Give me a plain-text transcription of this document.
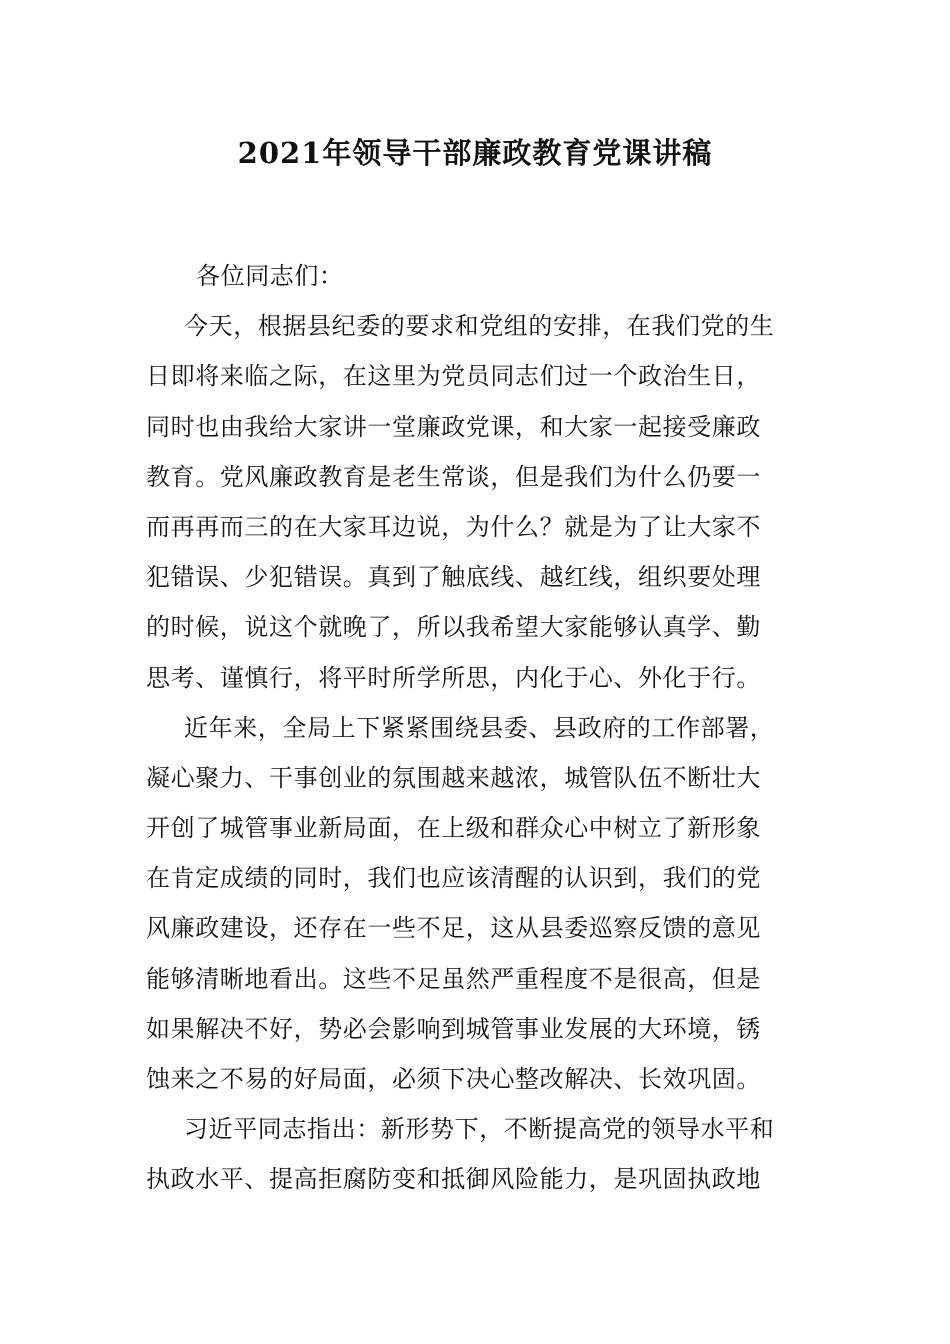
2021年领导干部廉政教育党课讲稿
各位同志们：
今天，根据县纪委的要求和党组的安排，在我们党的生
日即将来临之际，在这里为党员同志们过一个政治生日，
同时也由我给大家讲一堂廉政党课，和大家一起接受廉政
教育。党风廉政教育是老生常谈，但是我们为什么仍要一
而再再而三的在大家耳边说，为什么？就是为了让大家不
犯错误、少犯错误。真到了触底线、越红线，组织要处理
的时候，说这个就晚了，所以我希望大家能够认真学、勤
思考、谨慎行，将平时所学所思，内化于心、外化于行。
近年来，全局上下紧紧围绕县委、县政府的工作部署，
凝心聚力、干事创业的氛围越来越浓，城管队伍不断壮大
开创了城管事业新局面，在上级和群众心中树立了新形象
在肯定成绩的同时，我们也应该清醒的认识到，我们的党
风廉政建设，还存在一些不足，这从县委巡察反馈的意见
能够清晰地看出。这些不足虽然严重程度不是很高，但是
如果解决不好，势必会影响到城管事业发展的大环境，锈
蚀来之不易的好局面，必须下决心整改解决、长效巩固。
习近平同志指出：新形势下，不断提高党的领导水平和
执政水平、提高拒腐防变和抵御风险能力，是巩固执政地
